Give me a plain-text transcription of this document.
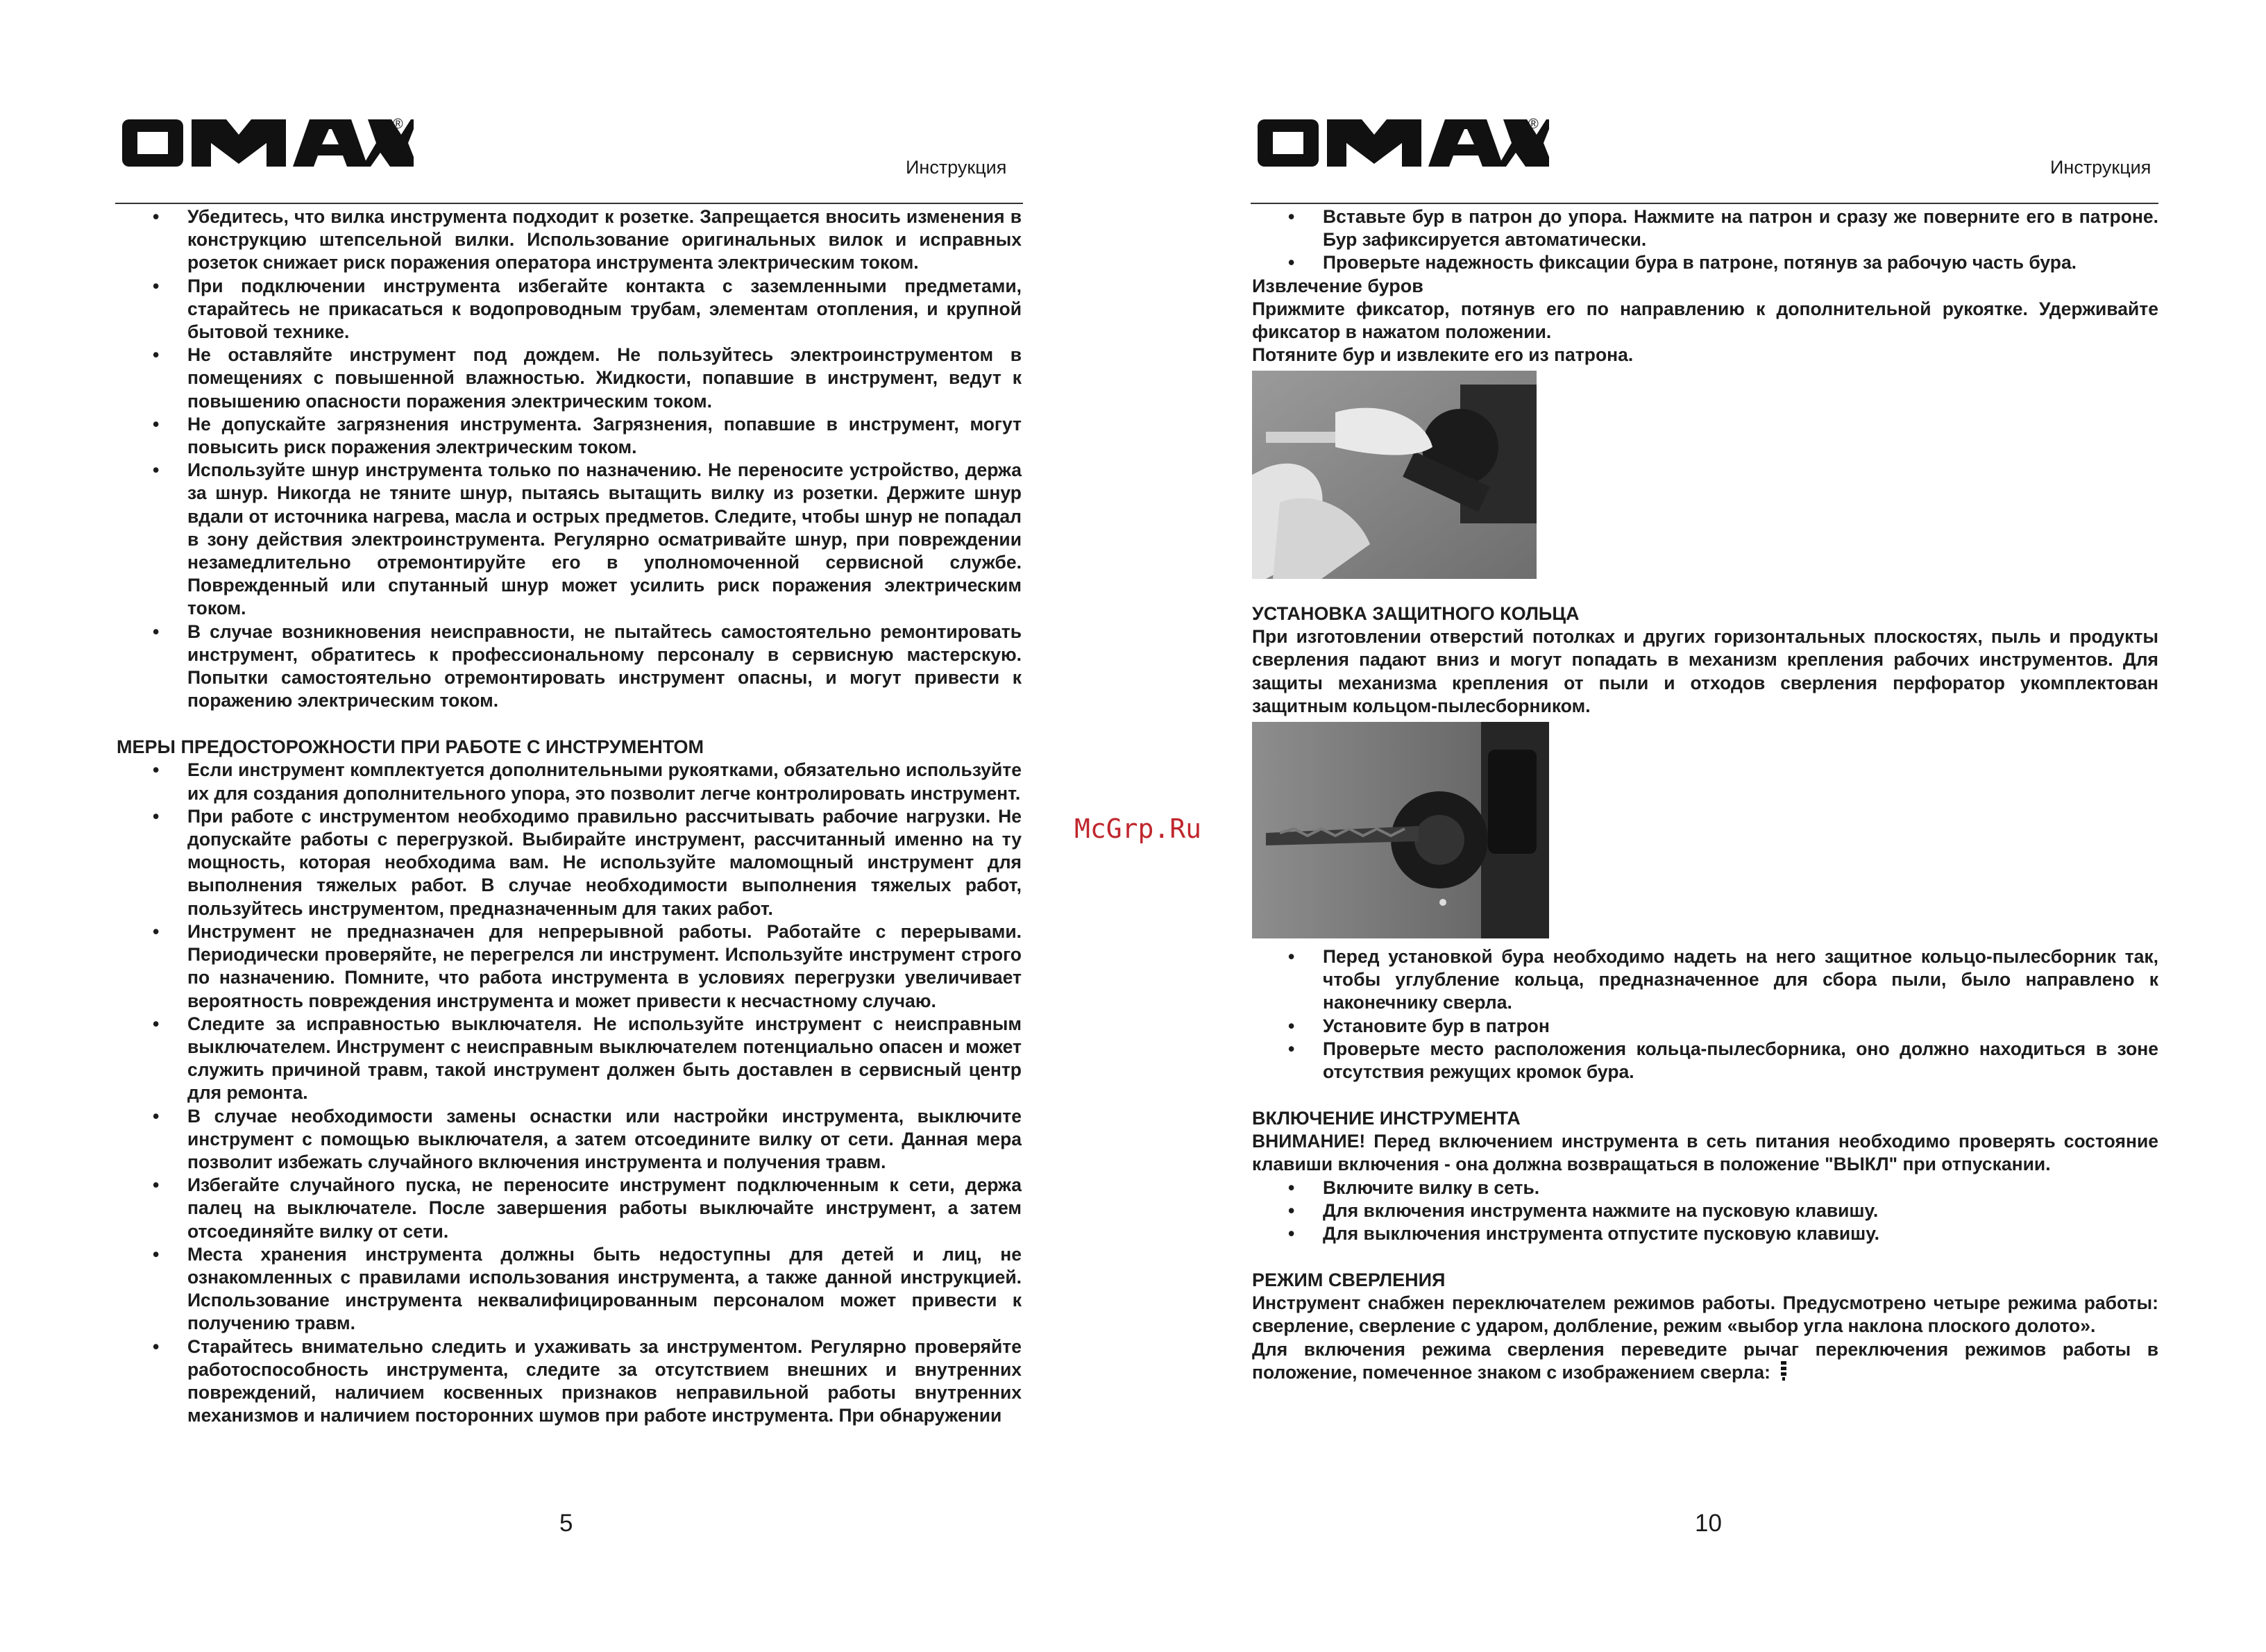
®
Инструкция
• Убедитесь, что вилка инструмента подходит к розетке. Запрещается вносить изменения в конструкцию штепсельной вилки. Использование оригинальных вилок и исправных розеток снижает риск поражения оператора инструмента электрическим током.
• При подключении инструмента избегайте контакта с заземленными предметами, старайтесь не прикасаться к водопроводным трубам, элементам отопления, и крупной бытовой технике.
• Не оставляйте инструмент под дождем. Не пользуйтесь электроинструментом в помещениях с повышенной влажностью. Жидкости, попавшие в инструмент, ведут к повышению опасности поражения электрическим током.
• Не допускайте загрязнения инструмента. Загрязнения, попавшие в инструмент, могут повысить риск поражения электрическим током.
• Используйте шнур инструмента только по назначению. Не переносите устройство, держа за шнур. Никогда не тяните шнур, пытаясь вытащить вилку из розетки. Держите шнур вдали от источника нагрева, масла и острых предметов. Следите, чтобы шнур не попадал в зону действия электроинструмента. Регулярно осматривайте шнур, при повреждении незамедлительно отремонтируйте его в уполномоченной сервисной службе. Поврежденный или спутанный шнур может усилить риск поражения электрическим током.
• В случае возникновения неисправности, не пытайтесь самостоятельно ремонтировать инструмент, обратитесь к профессиональному персоналу в сервисную мастерскую. Попытки самостоятельно отремонтировать инструмент опасны, и могут привести к поражению электрическим током.
МЕРЫ ПРЕДОСТОРОЖНОСТИ ПРИ РАБОТЕ С ИНСТРУМЕНТОМ
• Если инструмент комплектуется дополнительными рукоятками, обязательно используйте их для создания дополнительного упора, это позволит легче контролировать инструмент.
• При работе с инструментом необходимо правильно рассчитывать рабочие нагрузки. Не допускайте работы с перегрузкой. Выбирайте инструмент, рассчитанный именно на ту мощность, которая необходима вам. Не используйте маломощный инструмент для выполнения тяжелых работ. В случае необходимости выполнения тяжелых работ, пользуйтесь инструментом, предназначенным для таких работ.
• Инструмент не предназначен для непрерывной работы. Работайте с перерывами. Периодически проверяйте, не перегрелся ли инструмент. Используйте инструмент строго по назначению. Помните, что работа инструмента в условиях перегрузки увеличивает вероятность повреждения инструмента и может привести к несчастному случаю.
• Следите за исправностью выключателя. Не используйте инструмент с неисправным выключателем. Инструмент с неисправным выключателем потенциально опасен и может служить причиной травм, такой инструмент должен быть доставлен в сервисный центр для ремонта.
• В случае необходимости замены оснастки или настройки инструмента, выключите инструмент с помощью выключателя, а затем отсоедините вилку от сети. Данная мера позволит избежать случайного включения инструмента и получения травм.
• Избегайте случайного пуска, не переносите инструмент подключенным к сети, держа палец на выключателе. После завершения работы выключайте инструмент, а затем отсоединяйте вилку от сети.
• Места хранения инструмента должны быть недоступны для детей и лиц, не ознакомленных с правилами использования инструмента, а также данной инструкцией. Использование инструмента неквалифицированным персоналом может привести к получению травм.
• Старайтесь внимательно следить и ухаживать за инструментом. Регулярно проверяйте работоспособность инструмента, следите за отсутствием внешних и внутренних повреждений, наличием косвенных признаков неправильной работы внутренних механизмов и наличием посторонних шумов при работе инструмента. При обнаружении
5
®
Инструкция
• Вставьте бур в патрон до упора. Нажмите на патрон и сразу же поверните его в патроне. Бур зафиксируется автоматически.
• Проверьте надежность фиксации бура в патроне, потянув за рабочую часть бура.
Извлечение буров

Прижмите фиксатор, потянув его по направлению к дополнительной рукоятке. Удерживайте фиксатор в нажатом положении.

Потяните бур и извлеките его из патрона.

УСТАНОВКА ЗАЩИТНОГО КОЛЬЦА

При изготовлении отверстий потолках и других горизонтальных плоскостях, пыль и продукты сверления падают вниз и могут попадать в механизм крепления рабочих инструментов. Для защиты механизма крепления от пыли и отходов сверления перфоратор укомплектован защитным кольцом-пылесборником.

• Перед установкой бура необходимо надеть на него защитное кольцо-пылесборник так, чтобы углубление кольца, предназначенное для сбора пыли, было направлено к наконечнику сверла.
• Установите бур в патрон
• Проверьте место расположения кольца-пылесборника, оно должно находиться в зоне отсутствия режущих кромок бура.
ВКЛЮЧЕНИЕ ИНСТРУМЕНТА

ВНИМАНИЕ! Перед включением инструмента в сеть питания необходимо проверять состояние клавиши включения - она должна возвращаться в положение "ВЫКЛ" при отпускании.

• Включите вилку в сеть.
• Для включения инструмента нажмите на пусковую клавишу.
• Для выключения инструмента отпустите пусковую клавишу.
РЕЖИМ СВЕРЛЕНИЯ

Инструмент снабжен переключателем режимов работы. Предусмотрено четыре режима работы: сверление, сверление с ударом, долбление, режим «выбор угла наклона плоского долото».

Для включения режима сверления переведите рычаг переключения режимов работы в положение, помеченное знаком с изображением сверла:

10
McGrp.Ru
